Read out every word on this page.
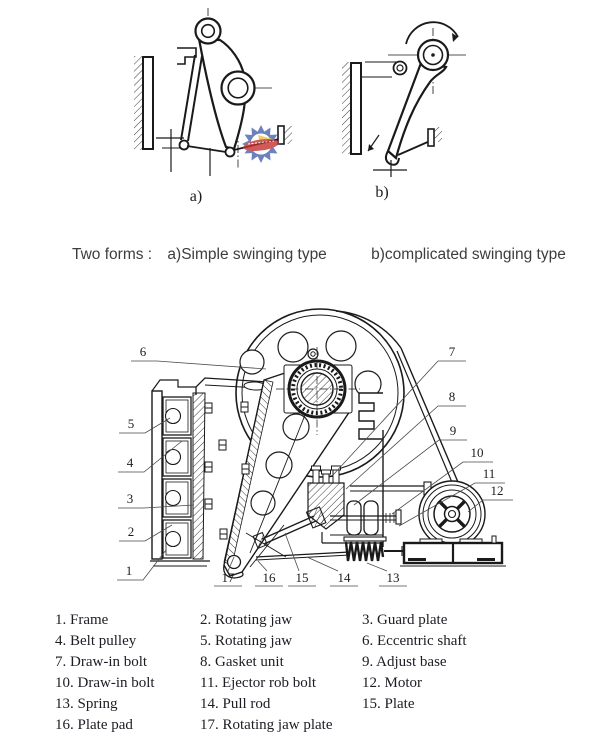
a)	b)
Two forms : a)Simple swinging type	b)complicated swinging type
6
5
4
3
2
1
7
8
9
10
11
12
17 16 15 14	13
1. Frame	2. Rotating jaw	3. Guard plate
4. Belt pulley	5. Rotating jaw	6. Eccentric shaft
7. Draw-in bolt	8. Gasket unit	9. Adjust base
10. Draw-in bolt	11. Ejector rob bolt	12. Motor
13. Spring	14. Pull rod	15. Plate
16. Plate pad	17. Rotating jaw plate
